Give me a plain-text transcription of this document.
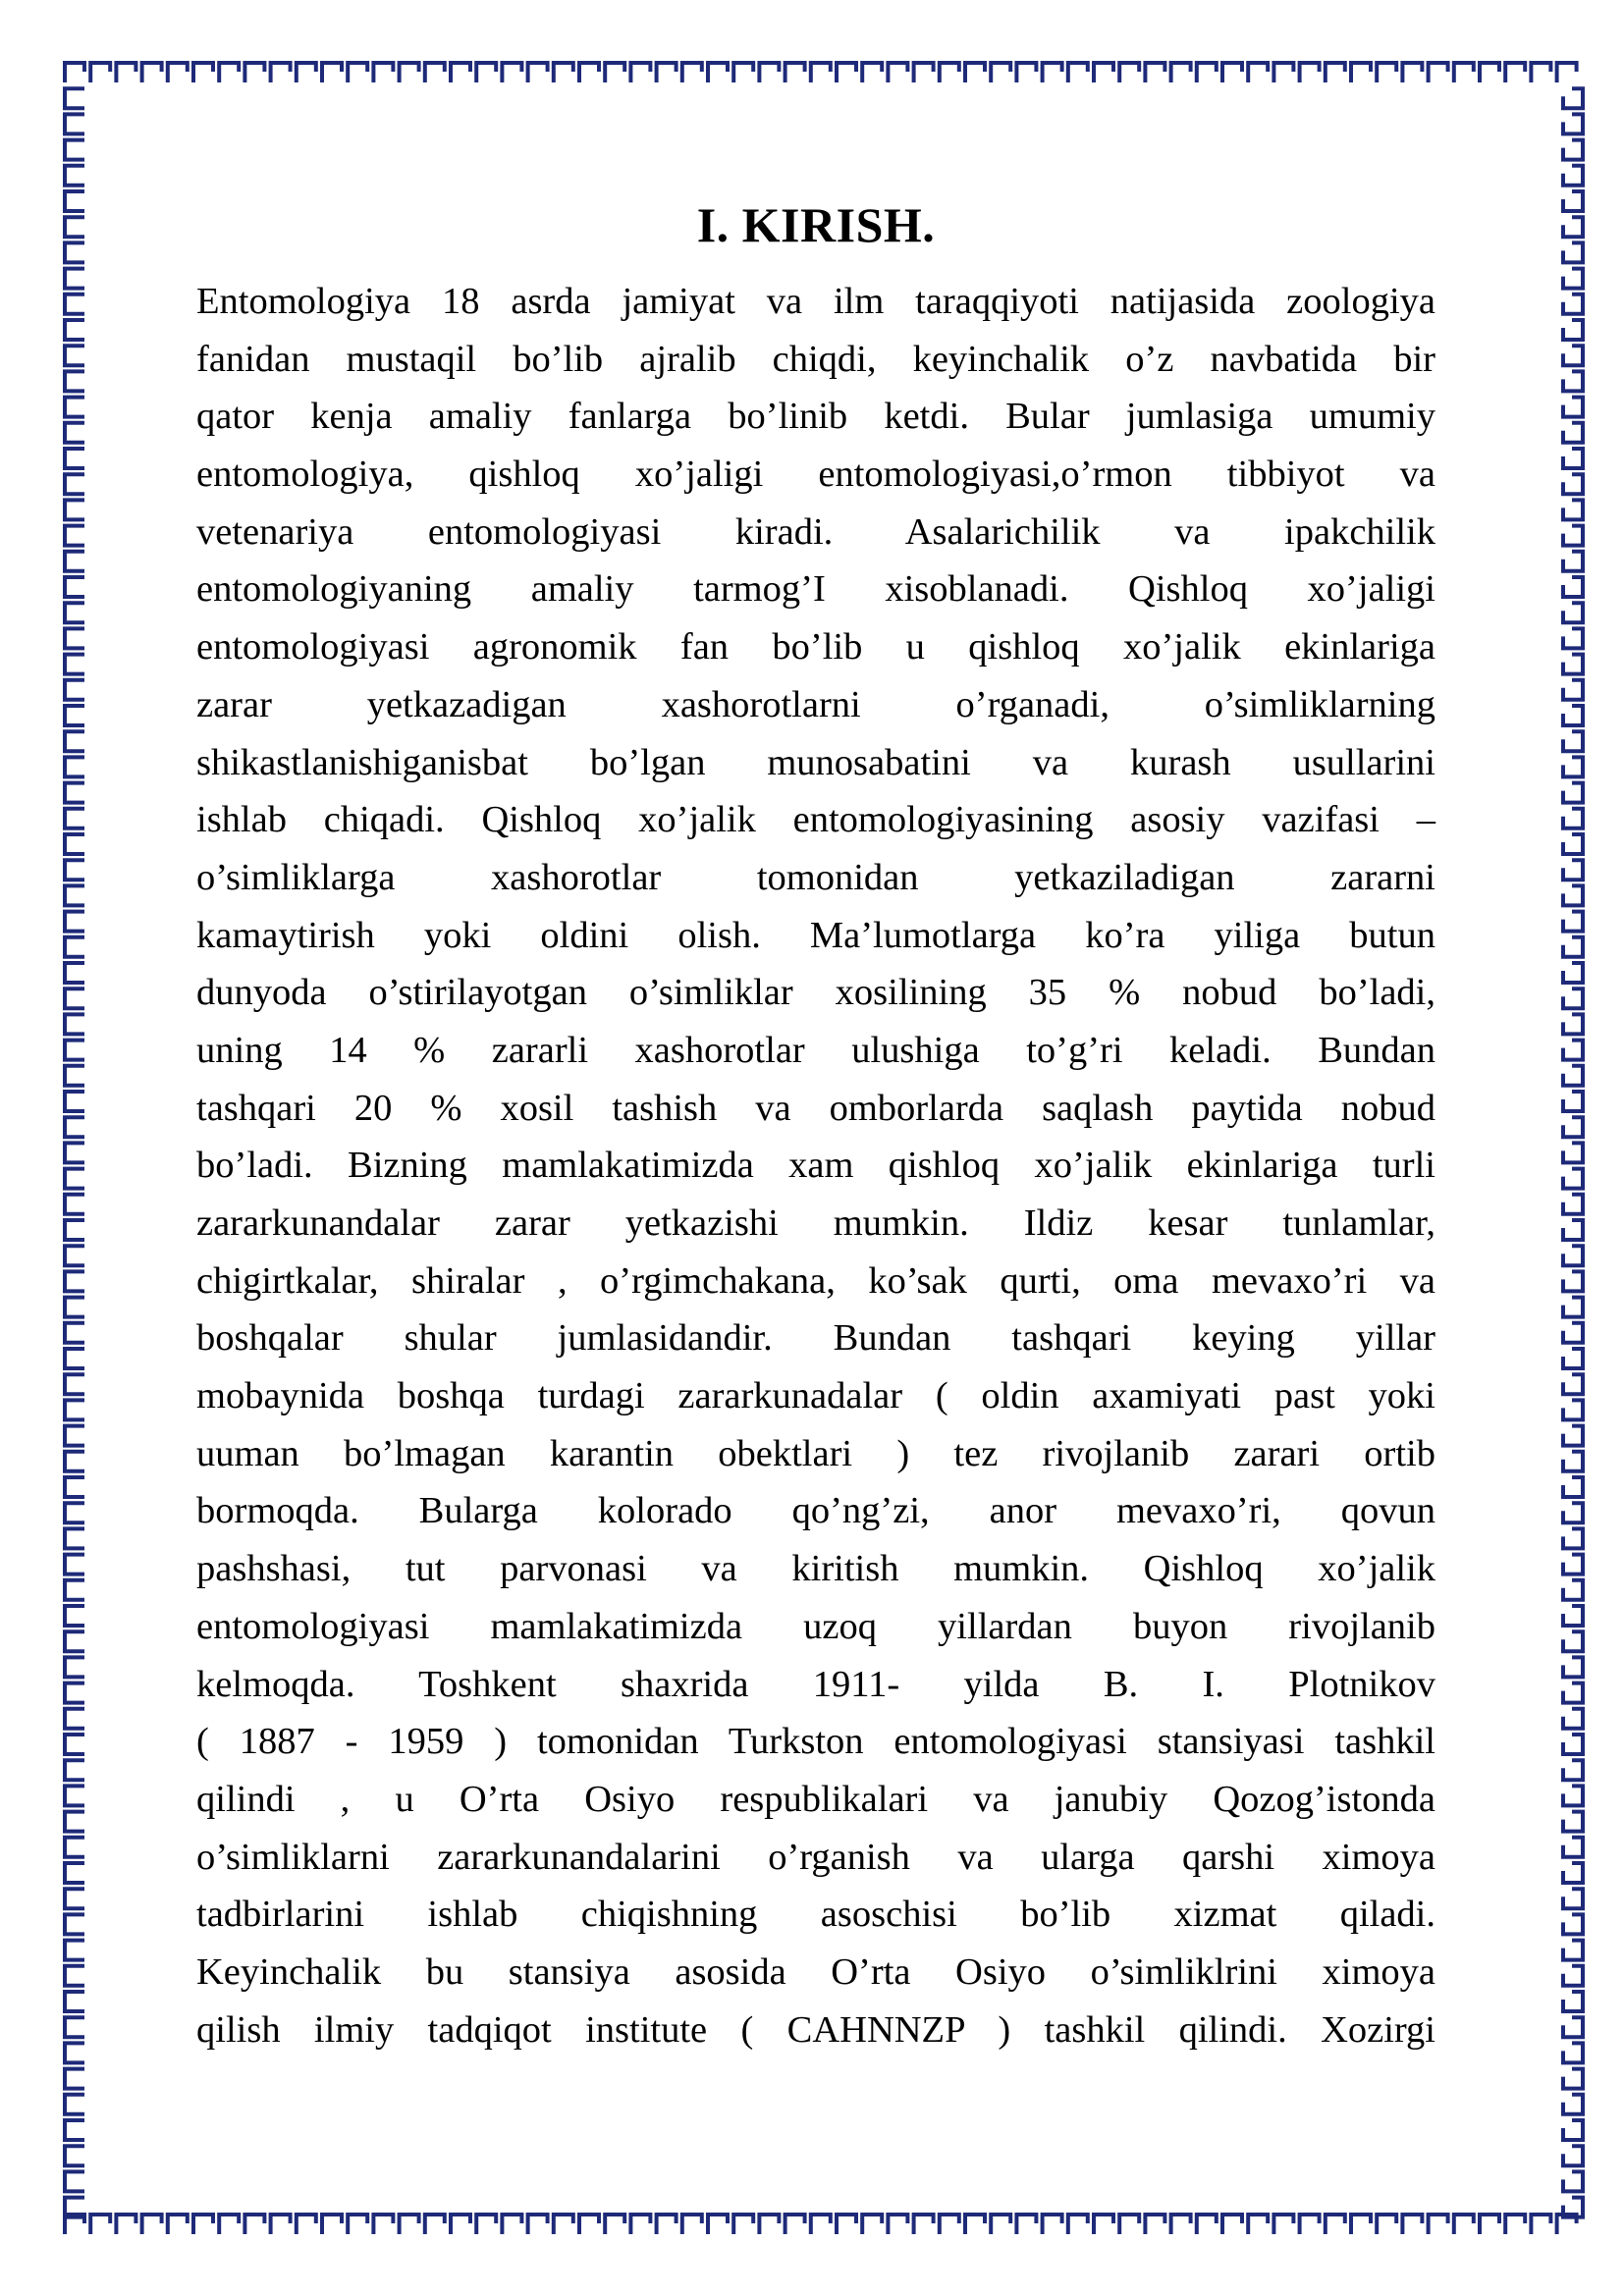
I. KIRISH.
Entomologiya 18 asrda jamiyat va ilm taraqqiyoti natijasida zoologiya
fanidan mustaqil bo’lib ajralib chiqdi, keyinchalik o’z navbatida bir
qator kenja amaliy fanlarga bo’linib ketdi. Bular jumlasiga umumiy
entomologiya, qishloq xo’jaligi entomologiyasi,o’rmon tibbiyot va
vetenariya entomologiyasi kiradi. Asalarichilik va ipakchilik
entomologiyaning amaliy tarmog’I xisoblanadi. Qishloq xo’jaligi
entomologiyasi agronomik fan bo’lib u qishloq xo’jalik ekinlariga
zarar yetkazadigan xashorotlarni o’rganadi, o’simliklarning
shikastlanishiganisbat bo’lgan munosabatini va kurash usullarini
ishlab chiqadi. Qishloq xo’jalik entomologiyasining asosiy vazifasi –
o’simliklarga xashorotlar tomonidan yetkaziladigan zararni
kamaytirish yoki oldini olish. Ma’lumotlarga ko’ra yiliga butun
dunyoda o’stirilayotgan o’simliklar xosilining 35 % nobud bo’ladi,
uning 14 % zararli xashorotlar ulushiga to’g’ri keladi. Bundan
tashqari 20 % xosil tashish va omborlarda saqlash paytida nobud
bo’ladi. Bizning mamlakatimizda xam qishloq xo’jalik ekinlariga turli
zararkunandalar zarar yetkazishi mumkin. Ildiz kesar tunlamlar,
chigirtkalar, shiralar , o’rgimchakana, ko’sak qurti, oma mevaxo’ri va
boshqalar shular jumlasidandir. Bundan tashqari keying yillar
mobaynida boshqa turdagi zararkunadalar ( oldin axamiyati past yoki
uuman bo’lmagan karantin obektlari ) tez rivojlanib zarari ortib
bormoqda. Bularga kolorado qo’ng’zi, anor mevaxo’ri, qovun
pashshasi, tut parvonasi va kiritish mumkin. Qishloq xo’jalik
entomologiyasi mamlakatimizda uzoq yillardan buyon rivojlanib
kelmoqda. Toshkent shaxrida 1911- yilda B. I. Plotnikov
( 1887 - 1959 ) tomonidan Turkston entomologiyasi stansiyasi tashkil
qilindi , u O’rta Osiyo respublikalari va janubiy Qozog’istonda
o’simliklarni zararkunandalarini o’rganish va ularga qarshi ximoya
tadbirlarini ishlab chiqishning asoschisi bo’lib xizmat qiladi.
Keyinchalik bu stansiya asosida O’rta Osiyo o’simliklrini ximoya
qilish ilmiy tadqiqot institute ( CAHNNZP ) tashkil qilindi. Xozirgi
